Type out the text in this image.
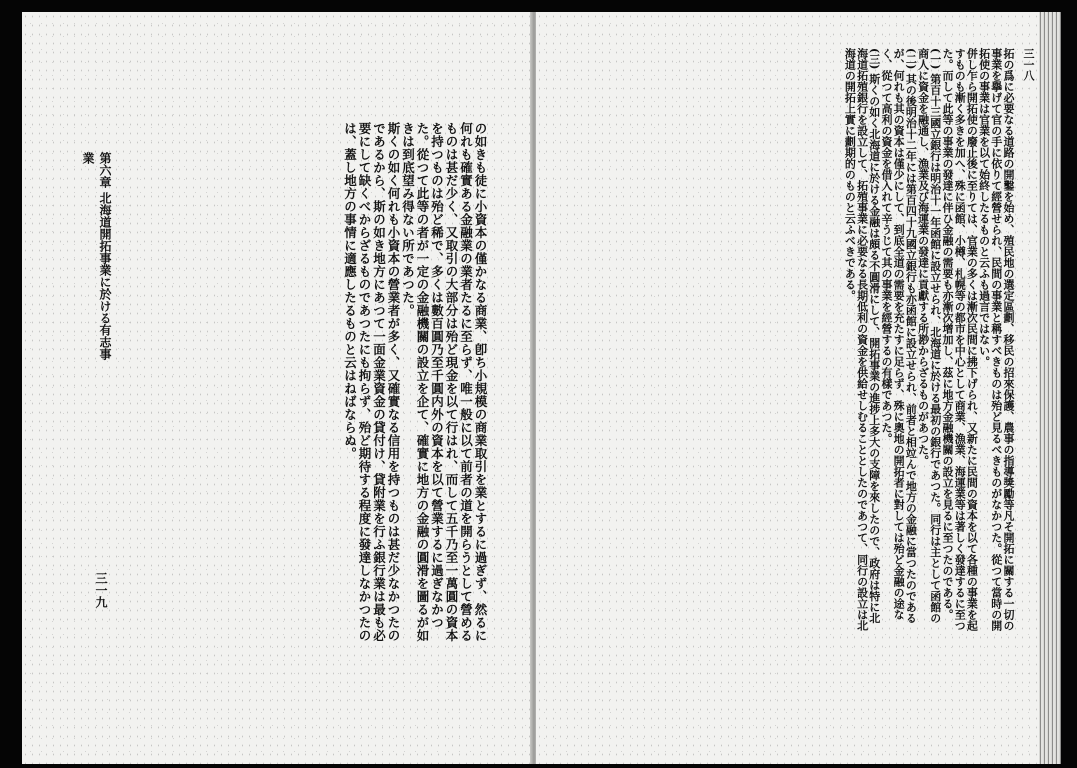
の如きも徒に小資本の僅かなる商業、卽ち小規模の商業取引を業とするに過ぎず、然るに何れも確實ある金融業の業者たるに至らず、唯一般に以て前者の道を開らうとして營めるものは甚だ少く、又取引の大部分は殆ど現金を以て行はれ、而して五千乃至一萬圓の資本を持つものは殆ど稀で、多くは數百圓乃至千圓内外の資本を以て營業するに過ぎなかつた。從つて此等の者が一定の金融機關の設立を企て、確實に地方の金融の圓滑を圖るが如きは到底望み得ない所であつた。
斯くの如く何れも小資本の營業者が多く、又確實なる信用を持つものは甚だ少なかつたのであるから、斯の如き地方にあつて一面金業資金の貸付け、貸附業を行ふ銀行業は最も必要にして缺くべからざるものであつたにも拘らず、殆ど期待する程度に發達しなかつたのは、蓋し地方の事情に適應したるものと云はねばならぬ。
第六章 北海道開拓事業に於ける有志事業
三一九
三一八
拓の爲に必要なる道路の開鑿を始め、殖民地の選定區劃、移民の招來保護、農事の指導獎勵等凡そ開拓に關する一切の事業を擧げて官の手に依りて經營せられ、民間の事業と稱すべきものは殆ど見るべきものがなかつた。從つて當時の開拓使の事業は官業を以て始終したるものと云ふも過言ではない。
併し乍ら開拓使の廢止後に至りては、官業の多くは漸次民間に拂下げられ、又新たに民間の資本を以て各種の事業を起すものも漸く多きを加へ、殊に函館、小樽、札幌等の都市を中心として商業、漁業、海運業等は著しく發達するに至つた。而して此等の事業の發達に伴ひ金融の需要も亦漸次增加し、茲に地方金融機關の設立を見るに至つたのである。
(一) 第百十三國立銀行は明治十一年函館に設立せられ、北海道に於ける最初の銀行であつた。同行は主として函館の商人に資金を融通し、漁業及び海運業の發達に貢獻する所尠からざるものがあつた。
(二) 其の後明治十二年には第百四十九國立銀行も亦函館に設立せられ、前者と相竝んで地方の金融に當つたのであるが、何れも其の資本は僅少にして、到底全道の需要を充たすに足らず、殊に奧地の開拓者に對しては殆ど金融の途なく、從つて高利の資金を借入れて辛うじて其の事業を經營するの有樣であつた。
(三) 斯くの如く北海道に於ける金融は頗る不圓滑にして、開拓事業の進捗上多大の支障を來したので、政府は特に北海道拓殖銀行を設立して、拓殖事業に必要なる長期低利の資金を供給せしむることとしたのであつて、同行の設立は北海道の開拓上實に劃期的のものと云ふべきである。
